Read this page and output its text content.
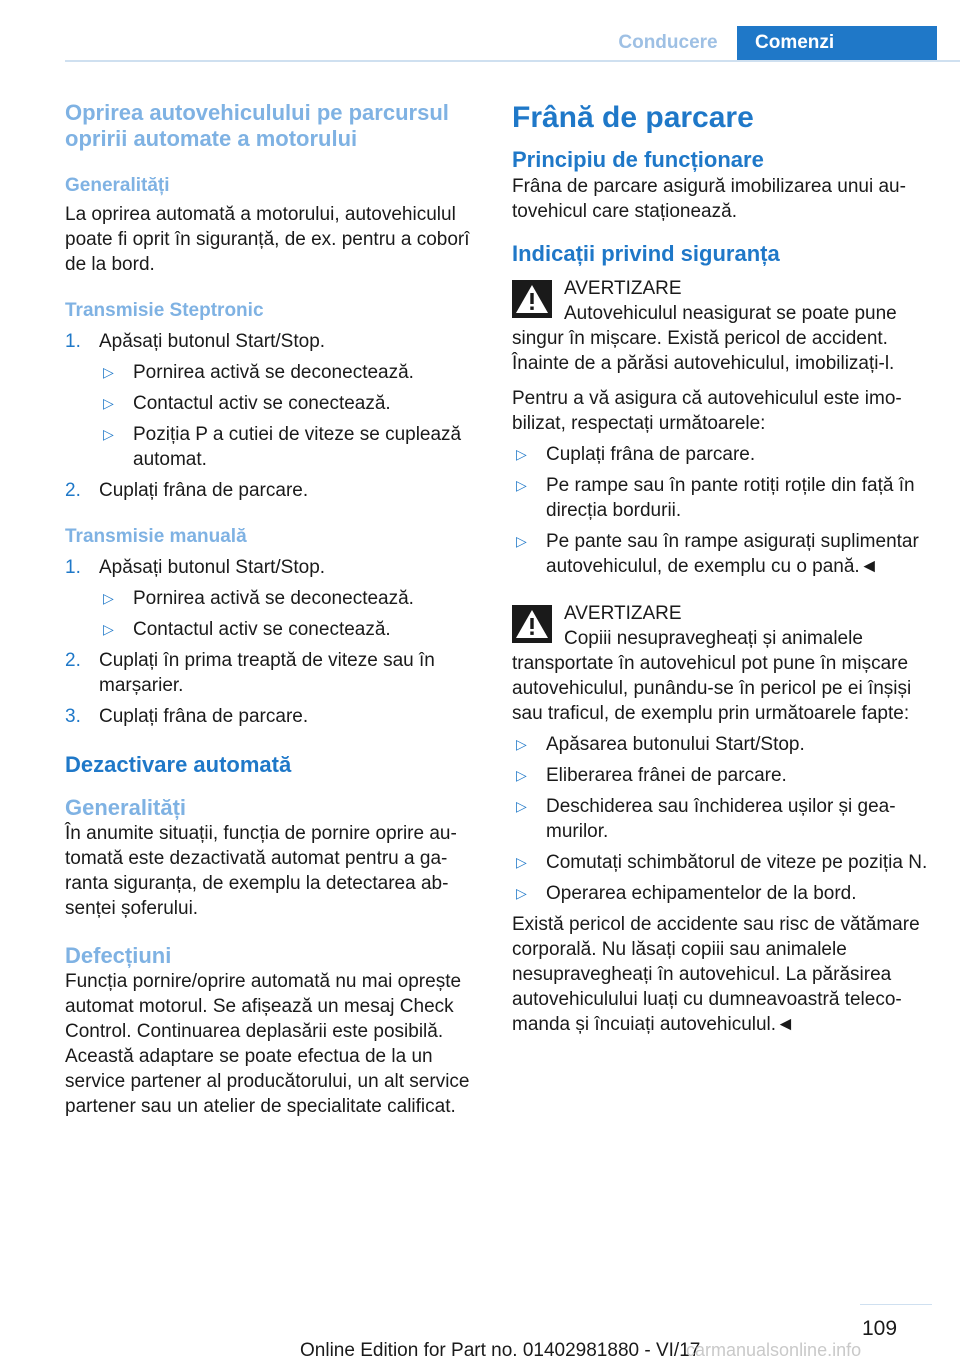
Conducere	Comenzi
Oprirea autovehiculului pe parcursul opririi automate a motorului
Generalități

La oprirea automată a motorului, autovehiculul poate fi oprit în siguranță, de ex. pentru a coborî de la bord.

Transmisie Steptronic
1. Apăsați butonul Start/Stop.
▷	Pornirea activă se deconectează.
▷	Contactul activ se conectează.
▷	Poziția P a cutiei de viteze se cuplează automat.
2. Cuplați frâna de parcare.
Transmisie manuală
1. Apăsați butonul Start/Stop.
▷	Pornirea activă se deconectează.
▷	Contactul activ se conectează.
2. Cuplați în prima treaptă de viteze sau în marșarier.
3. Cuplați frâna de parcare.
Dezactivare automată
Generalități

În anumite situații, funcția de pornire oprire automată este dezactivată automat pentru a garanta siguranța, de exemplu la detectarea absenței șoferului.

Defecțiuni

Funcția pornire/oprire automată nu mai oprește automat motorul. Se afișează un mesaj Check Control. Continuarea deplasării este posibilă. Această adaptare se poate efectua de la un service partener al producătorului, un alt service partener sau un atelier de specialitate calificat.

Frână de parcare
Principiu de funcționare

Frâna de parcare asigură imobilizarea unui autovehicul care staționează.

Indicații privind siguranța
AVERTIZARE
Autovehiculul neasigurat se poate pune

singur în mișcare. Există pericol de accident. Înainte de a părăsi autovehiculul, imobilizați-l.

Pentru a vă asigura că autovehiculul este imobilizat, respectați următoarele:

▷	Cuplați frâna de parcare.
▷	Pe rampe sau în pante rotiți roțile din față în direcția bordurii.
▷	Pe pante sau în rampe asigurați suplimentar autovehiculul, de exemplu cu o pană.◄
AVERTIZARE
Copiii nesupravegheați și animalele

transportate în autovehicul pot pune în mișcare autovehiculul, punându-se în pericol pe ei înșiși sau traficul, de exemplu prin următoarele fapte:

▷	Apăsarea butonului Start/Stop.
▷	Eliberarea frânei de parcare.
▷	Deschiderea sau închiderea ușilor și geamurilor.
▷	Comutați schimbătorul de viteze pe poziția N.
▷	Operarea echipamentelor de la bord.

Există pericol de accidente sau risc de vătămare corporală. Nu lăsați copiii sau animalele nesupravegheați în autovehicul. La părăsirea autovehiculului luați cu dumneavoastră telecomanda și încuiați autovehiculul.◄

109
Online Edition for Part no. 01402981880 - VI/17
carmanualsonline.info
